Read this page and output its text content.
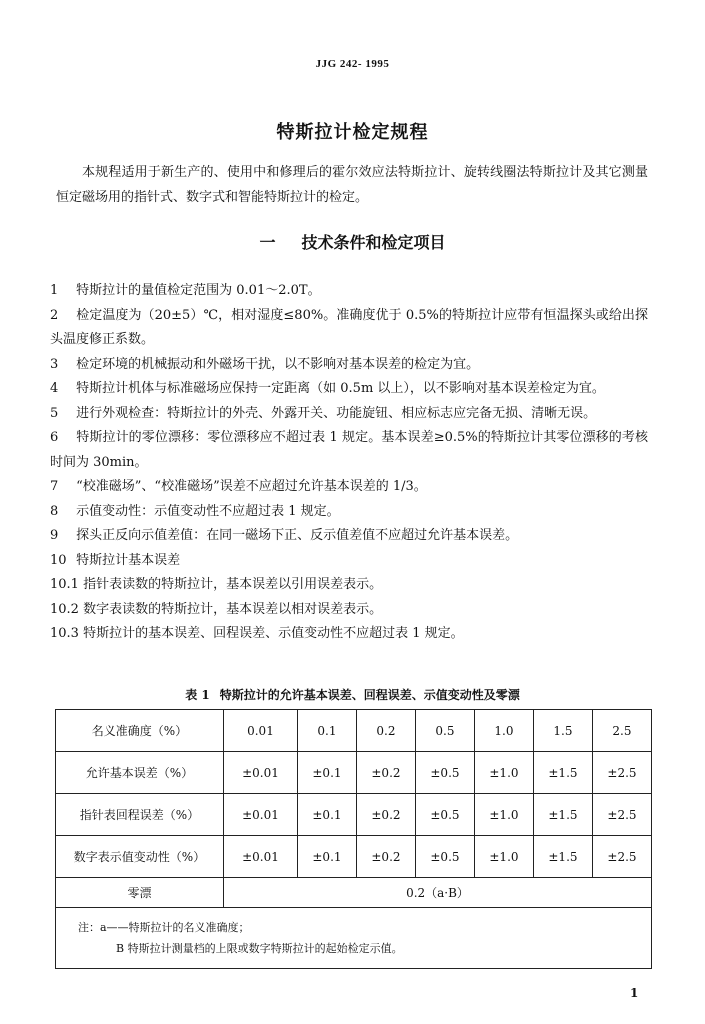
JJG 242- 1995
特斯拉计检定规程
本规程适用于新生产的、使用中和修理后的霍尔效应法特斯拉计、旋转线圈法特斯拉计及其它测量恒定磁场用的指针式、数字式和智能特斯拉计的检定。
一 技术条件和检定项目
1 特斯拉计的量值检定范围为 0.01～2.0T。
2 检定温度为（20±5）℃，相对湿度≤80%。准确度优于 0.5%的特斯拉计应带有恒温探头或给出探头温度修正系数。
3 检定环境的机械振动和外磁场干扰，以不影响对基本误差的检定为宜。
4 特斯拉计机体与标准磁场应保持一定距离（如 0.5m 以上），以不影响对基本误差检定为宜。
5 进行外观检查：特斯拉计的外壳、外露开关、功能旋钮、相应标志应完备无损、清晰无误。
6 特斯拉计的零位漂移：零位漂移应不超过表 1 规定。基本误差≥0.5%的特斯拉计其零位漂移的考核时间为 30min。
7 “校准磁场”、“校准磁场”误差不应超过允许基本误差的 1/3。
8 示值变动性：示值变动性不应超过表 1 规定。
9 探头正反向示值差值：在同一磁场下正、反示值差值不应超过允许基本误差。
10 特斯拉计基本误差
10.1 指针表读数的特斯拉计，基本误差以引用误差表示。
10.2 数字表读数的特斯拉计，基本误差以相对误差表示。
10.3 特斯拉计的基本误差、回程误差、示值变动性不应超过表 1 规定。
表 1 特斯拉计的允许基本误差、回程误差、示值变动性及零漂
名义准确度（%）	0.01	0.1	0.2	0.5	1.0	1.5	2.5
允许基本误差（%）	±0.01	±0.1	±0.2	±0.5	±1.0	±1.5	±2.5
指针表回程误差（%）	±0.01	±0.1	±0.2	±0.5	±1.0	±1.5	±2.5
数字表示值变动性（%）	±0.01	±0.1	±0.2	±0.5	±1.0	±1.5	±2.5
零漂	0.2（a·B）						

注：a——特斯拉计的名义准确度；
B 特斯拉计测量档的上限或数字特斯拉计的起始检定示值。							
1
